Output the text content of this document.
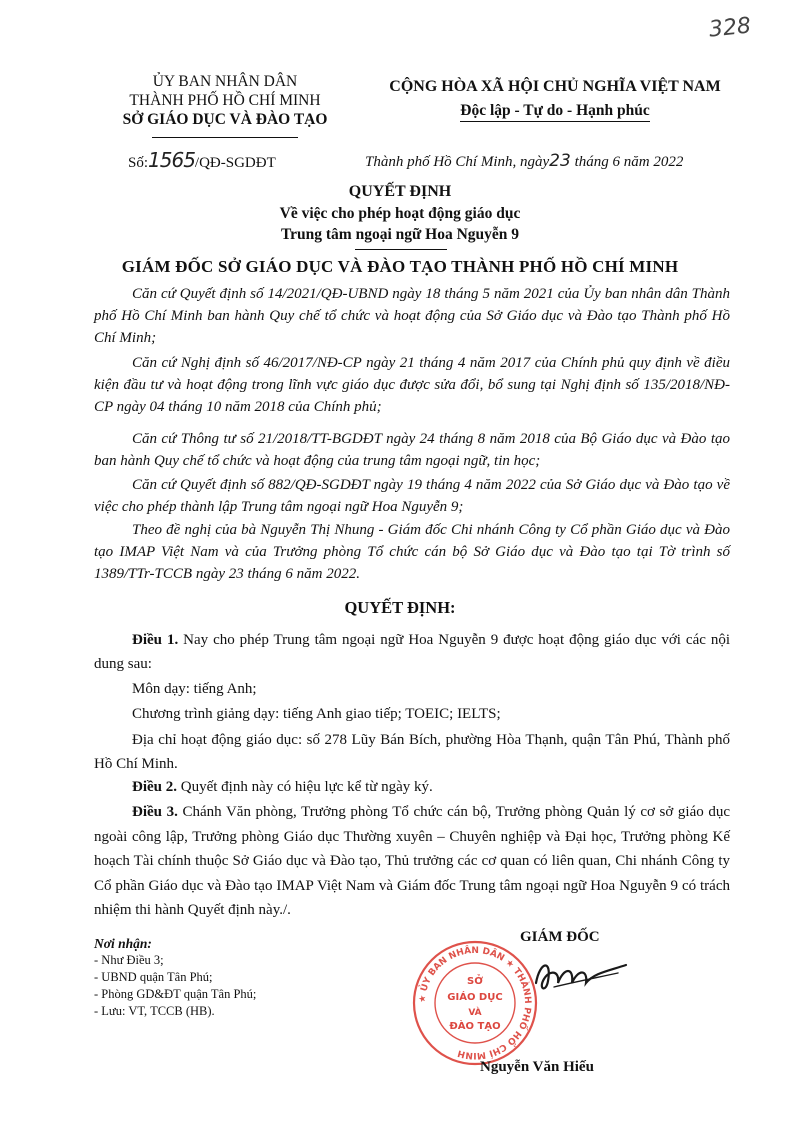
328
ỦY BAN NHÂN DÂN
THÀNH PHỐ HỒ CHÍ MINH
SỞ GIÁO DỤC VÀ ĐÀO TẠO
CỘNG HÒA XÃ HỘI CHỦ NGHĨA VIỆT NAM
Độc lập - Tự do - Hạnh phúc
Số:1565/QĐ-SGDĐT	Thành phố Hồ Chí Minh, ngày23 tháng 6 năm 2022
QUYẾT ĐỊNH
Về việc cho phép hoạt động giáo dục
Trung tâm ngoại ngữ Hoa Nguyễn 9
GIÁM ĐỐC SỞ GIÁO DỤC VÀ ĐÀO TẠO THÀNH PHỐ HỒ CHÍ MINH
Căn cứ Quyết định số 14/2021/QĐ-UBND ngày 18 tháng 5 năm 2021 của Ủy ban nhân dân Thành phố Hồ Chí Minh ban hành Quy chế tổ chức và hoạt động của Sở Giáo dục và Đào tạo Thành phố Hồ Chí Minh;
Căn cứ Nghị định số 46/2017/NĐ-CP ngày 21 tháng 4 năm 2017 của Chính phủ quy định về điều kiện đầu tư và hoạt động trong lĩnh vực giáo dục được sửa đổi, bổ sung tại Nghị định số 135/2018/NĐ-CP ngày 04 tháng 10 năm 2018 của Chính phủ;
Căn cứ Thông tư số 21/2018/TT-BGDĐT ngày 24 tháng 8 năm 2018 của Bộ Giáo dục và Đào tạo ban hành Quy chế tổ chức và hoạt động của trung tâm ngoại ngữ, tin học;
Căn cứ Quyết định số 882/QĐ-SGDĐT ngày 19 tháng 4 năm 2022 của Sở Giáo dục và Đào tạo về việc cho phép thành lập Trung tâm ngoại ngữ Hoa Nguyễn 9;
Theo đề nghị của bà Nguyễn Thị Nhung - Giám đốc Chi nhánh Công ty Cổ phần Giáo dục và Đào tạo IMAP Việt Nam và của Trưởng phòng Tổ chức cán bộ Sở Giáo dục và Đào tạo tại Tờ trình số 1389/TTr-TCCB ngày 23 tháng 6 năm 2022.
QUYẾT ĐỊNH:
Điều 1. Nay cho phép Trung tâm ngoại ngữ Hoa Nguyễn 9 được hoạt động giáo dục với các nội dung sau:
Môn dạy: tiếng Anh;
Chương trình giảng dạy: tiếng Anh giao tiếp; TOEIC; IELTS;
Địa chỉ hoạt động giáo dục: số 278 Lũy Bán Bích, phường Hòa Thạnh, quận Tân Phú, Thành phố Hồ Chí Minh.
Điều 2. Quyết định này có hiệu lực kể từ ngày ký.
Điều 3. Chánh Văn phòng, Trưởng phòng Tổ chức cán bộ, Trưởng phòng Quản lý cơ sở giáo dục ngoài công lập, Trưởng phòng Giáo dục Thường xuyên – Chuyên nghiệp và Đại học, Trưởng phòng Kế hoạch Tài chính thuộc Sở Giáo dục và Đào tạo, Thủ trưởng các cơ quan có liên quan, Chi nhánh Công ty Cổ phần Giáo dục và Đào tạo IMAP Việt Nam và Giám đốc Trung tâm ngoại ngữ Hoa Nguyễn 9 có trách nhiệm thi hành Quyết định này./.
Nơi nhận:
- Như Điều 3;
- UBND quận Tân Phú;
- Phòng GD&ĐT quận Tân Phú;
- Lưu: VT, TCCB (HB).
★ ỦY BAN NHÂN DÂN ★ THÀNH PHỐ HỒ CHÍ MINH
SỞ
GIÁO DỤC
VÀ
ĐÀO TẠO
GIÁM ĐỐC
Nguyễn Văn Hiếu
